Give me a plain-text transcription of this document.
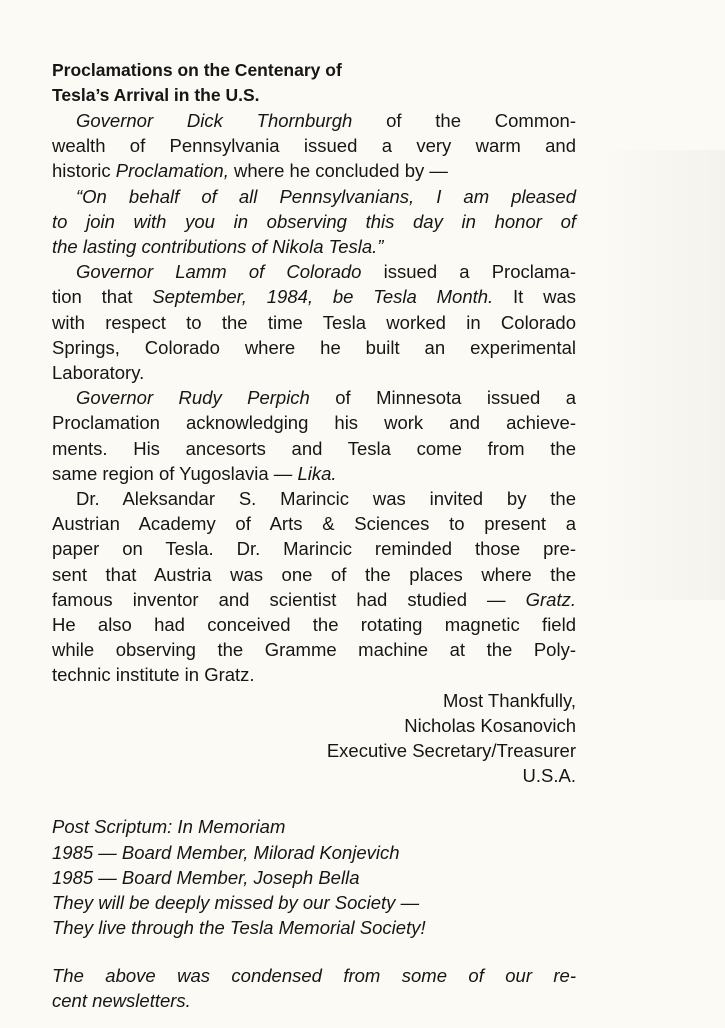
Proclamations on the Centenary of
Tesla’s Arrival in the U.S.

Governor Dick Thornburgh of the Common-
wealth of Pennsylvania issued a very warm and
historic Proclamation, where he concluded by —

“On behalf of all Pennsylvanians, I am pleased
to join with you in observing this day in honor of
the lasting contributions of Nikola Tesla.”

Governor Lamm of Colorado issued a Proclama-
tion that September, 1984, be Tesla Month. It was
with respect to the time Tesla worked in Colorado
Springs, Colorado where he built an experimental
Laboratory.

Governor Rudy Perpich of Minnesota issued a
Proclamation acknowledging his work and achieve-
ments. His ancesorts and Tesla come from the
same region of Yugoslavia — Lika.

Dr. Aleksandar S. Marincic was invited by the
Austrian Academy of Arts & Sciences to present a
paper on Tesla. Dr. Marincic reminded those pre-
sent that Austria was one of the places where the
famous inventor and scientist had studied — Gratz.
He also had conceived the rotating magnetic field
while observing the Gramme machine at the Poly-
technic institute in Gratz.

Most Thankfully,
Nicholas Kosanovich
Executive Secretary/Treasurer
U.S.A.
Post Scriptum: In Memoriam
1985 — Board Member, Milorad Konjevich
1985 — Board Member, Joseph Bella
They will be deeply missed by our Society —
They live through the Tesla Memorial Society!
The above was condensed from some of our re-
cent newsletters.
